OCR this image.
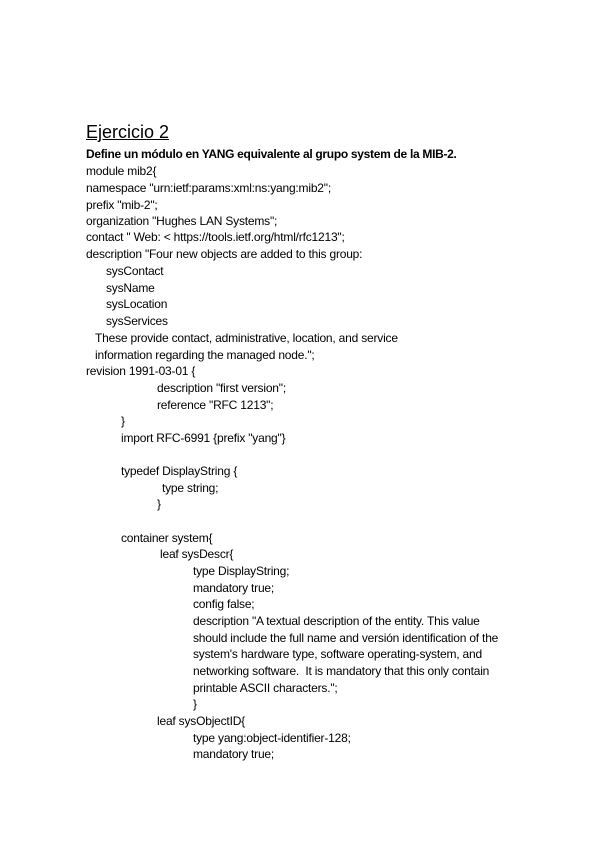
Ejercicio 2
Define un módulo en YANG equivalente al grupo system de la MIB-2.
module mib2{
namespace "urn:ietf:params:xml:ns:yang:mib2";
prefix "mib-2";
organization "Hughes LAN Systems";
contact " Web: < https://tools.ietf.org/html/rfc1213";
description "Four new objects are added to this group:
sysContact
sysName
sysLocation
sysServices
These provide contact, administrative, location, and service
information regarding the managed node.";
revision 1991-03-01 {
description "first version";
reference "RFC 1213";
}
import RFC-6991 {prefix "yang"}
typedef DisplayString {
type string;
}
container system{
leaf sysDescr{
type DisplayString;
mandatory true;
config false;
description "A textual description of the entity. This value
should include the full name and versión identification of the
system's hardware type, software operating-system, and
networking software.  It is mandatory that this only contain
printable ASCII characters.";
}
leaf sysObjectID{
type yang:object-identifier-128;
mandatory true;
